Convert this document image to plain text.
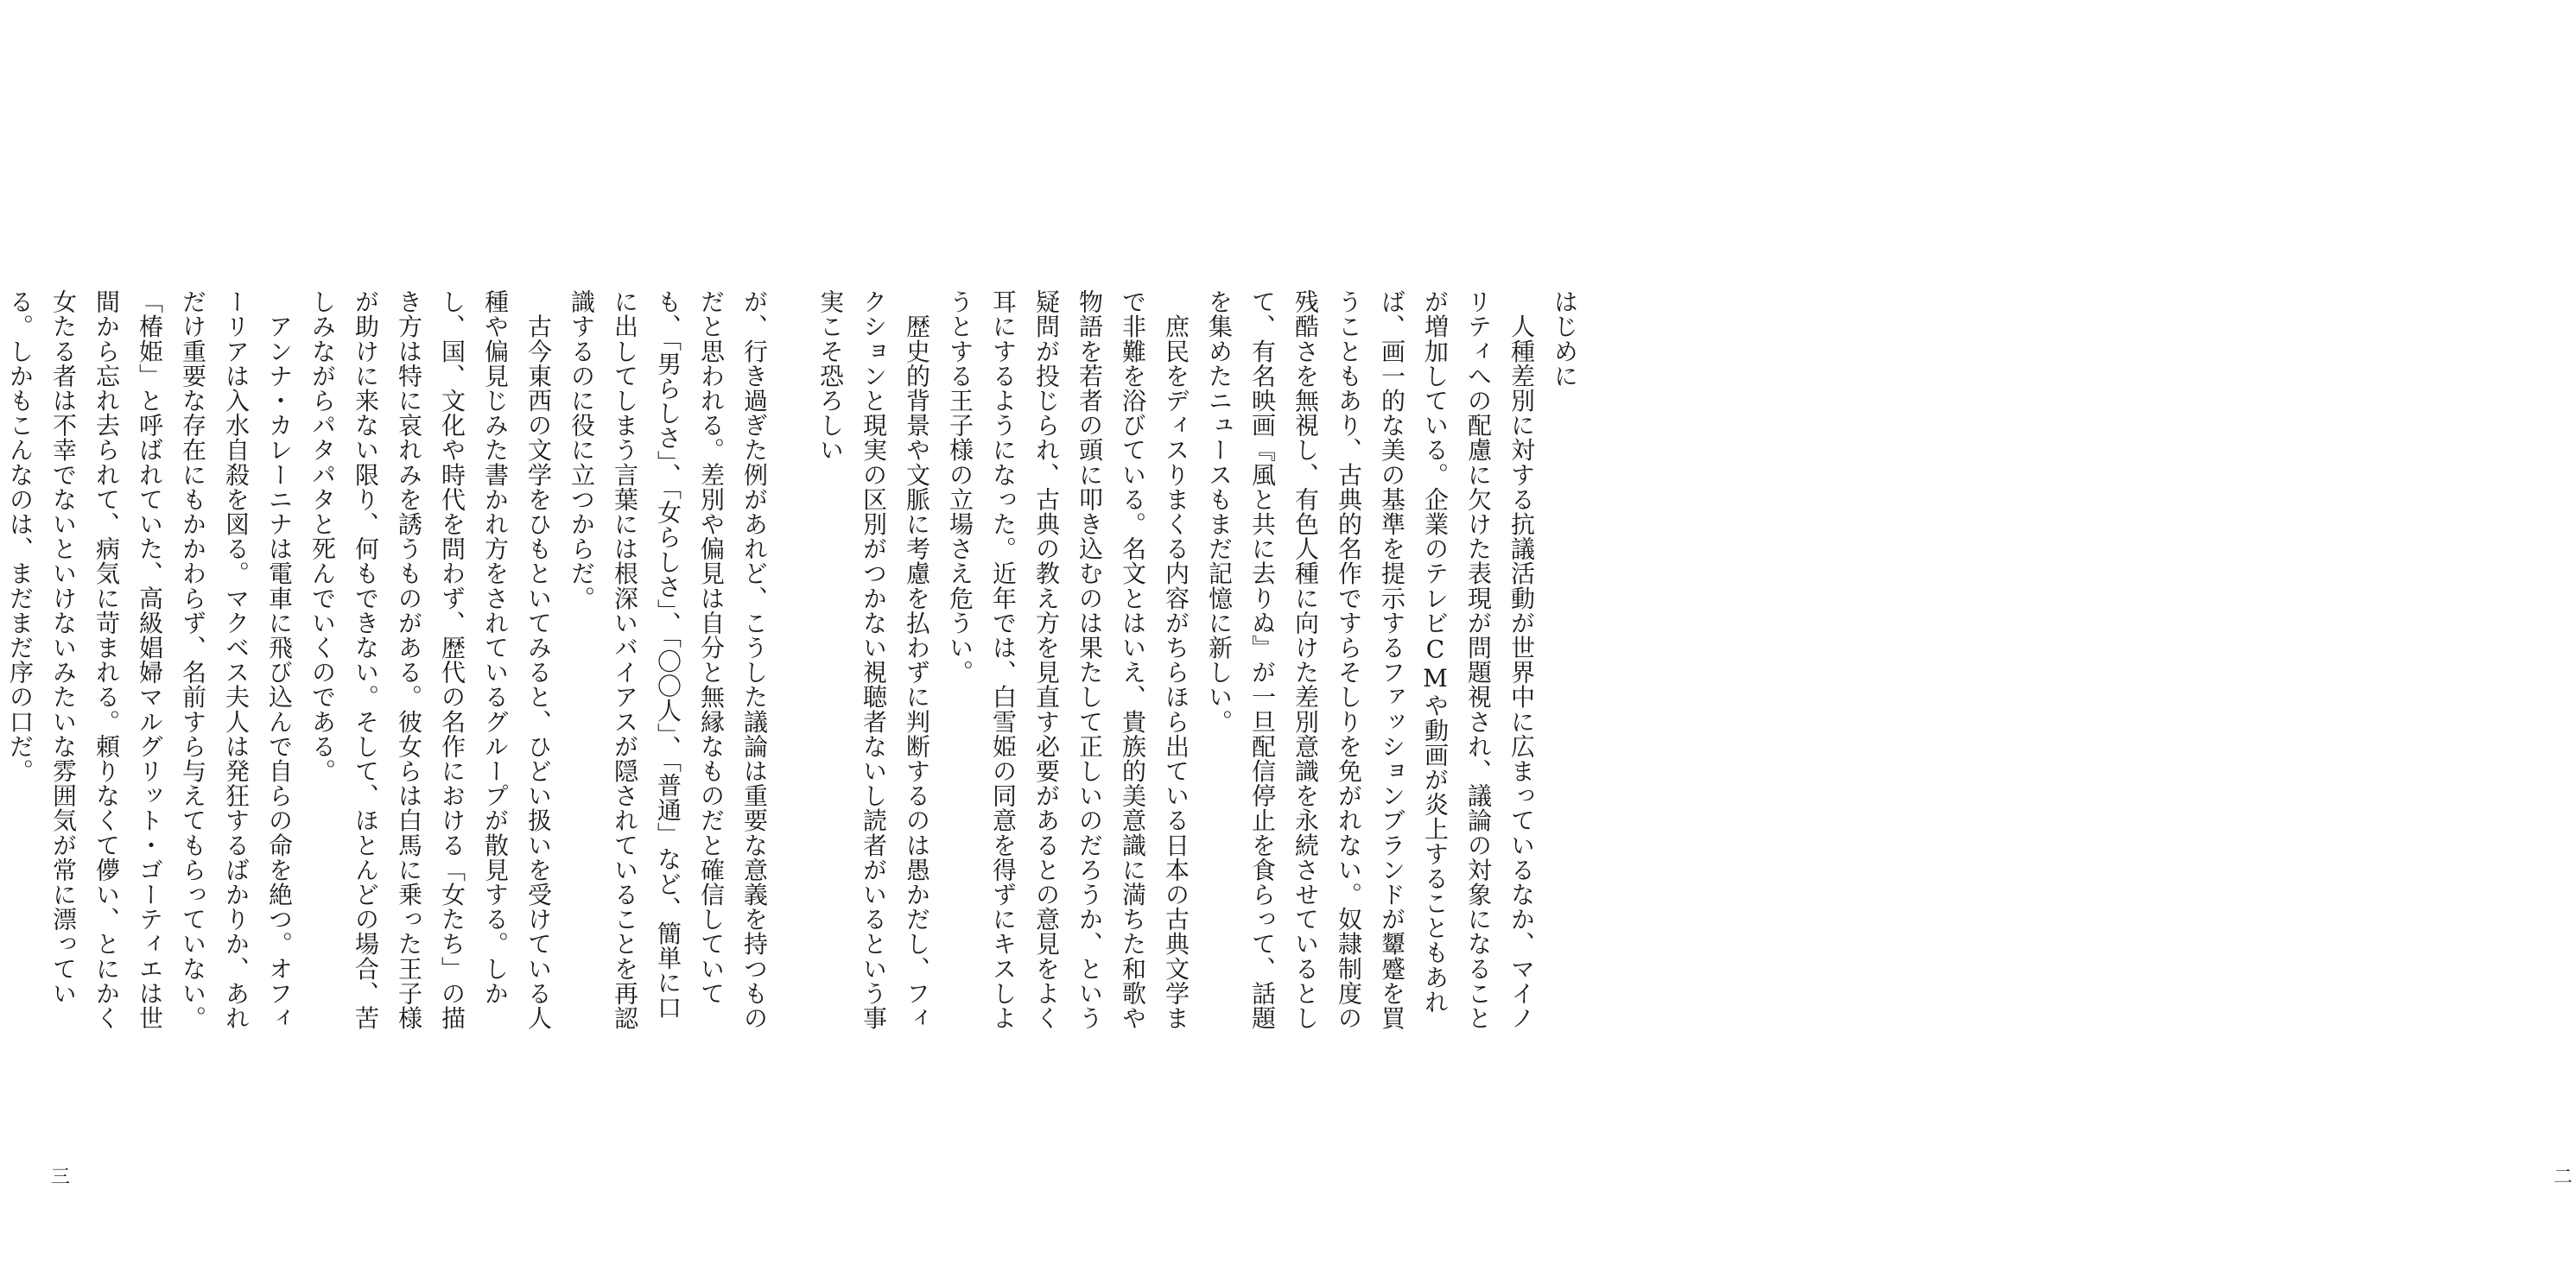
はじめに　人種差別に対する抗議活動が世界中に広まっているなか、マイノリティへの配慮に欠けた表現が問題視され、議論の対象になることが増加している。企業のテレビCMや動画が炎上することもあれば、画一的な美の基準を提示するファッションブランドが顰蹙を買うこともあり、古典的名作ですらそしりを免がれない。奴隷制度の残酷さを無視し、有色人種に向けた差別意識を永続させているとして、有名映画『風と共に去りぬ』が一旦配信停止を食らって、話題を集めたニュースもまだ記憶に新しい。　庶民をディスりまくる内容がちらほら出ている日本の古典文学まで非難を浴びている。名文とはいえ、貴族的美意識に満ちた和歌や物語を若者の頭に叩き込むのは果たして正しいのだろうか、という疑問が投じられ、古典の教え方を見直す必要があるとの意見をよく耳にするようになった。近年では、白雪姫の同意を得ずにキスしようとする王子様の立場さえ危うい。　歴史的背景や文脈に考慮を払わずに判断するのは愚かだし、フィクションと現実の区別がつかない視聴者ないし読者がいるという事実こそ恐ろしい
二
が、行き過ぎた例があれど、こうした議論は重要な意義を持つものだと思われる。差別や偏見は自分と無縁なものだと確信していても、「男らしさ」、「女らしさ」、「〇〇人」、「普通」など、簡単に口に出してしまう言葉には根深いバイアスが隠されていることを再認識するのに役に立つからだ。　古今東西の文学をひもといてみると、ひどい扱いを受けている人種や偏見じみた書かれ方をされているグループが散見する。しかし、国、文化や時代を問わず、歴代の名作における「女たち」の描き方は特に哀れみを誘うものがある。彼女らは白馬に乗った王子様が助けに来ない限り、何もできない。そして、ほとんどの場合、苦しみながらパタパタと死んでいくのである。　アンナ・カレーニナは電車に飛び込んで自らの命を絶つ。オフィーリアは入水自殺を図る。マクベス夫人は発狂するばかりか、あれだけ重要な存在にもかかわらず、名前すら与えてもらっていない。「椿姫」と呼ばれていた、高級娼婦マルグリット・ゴーティエは世間から忘れ去られて、病気に苛まれる。頼りなくて儚い、とにかく女たる者は不幸でないといけないみたいな雰囲気が常に漂っている。しかもこんなのは、まだまだ序の口だ。
三
